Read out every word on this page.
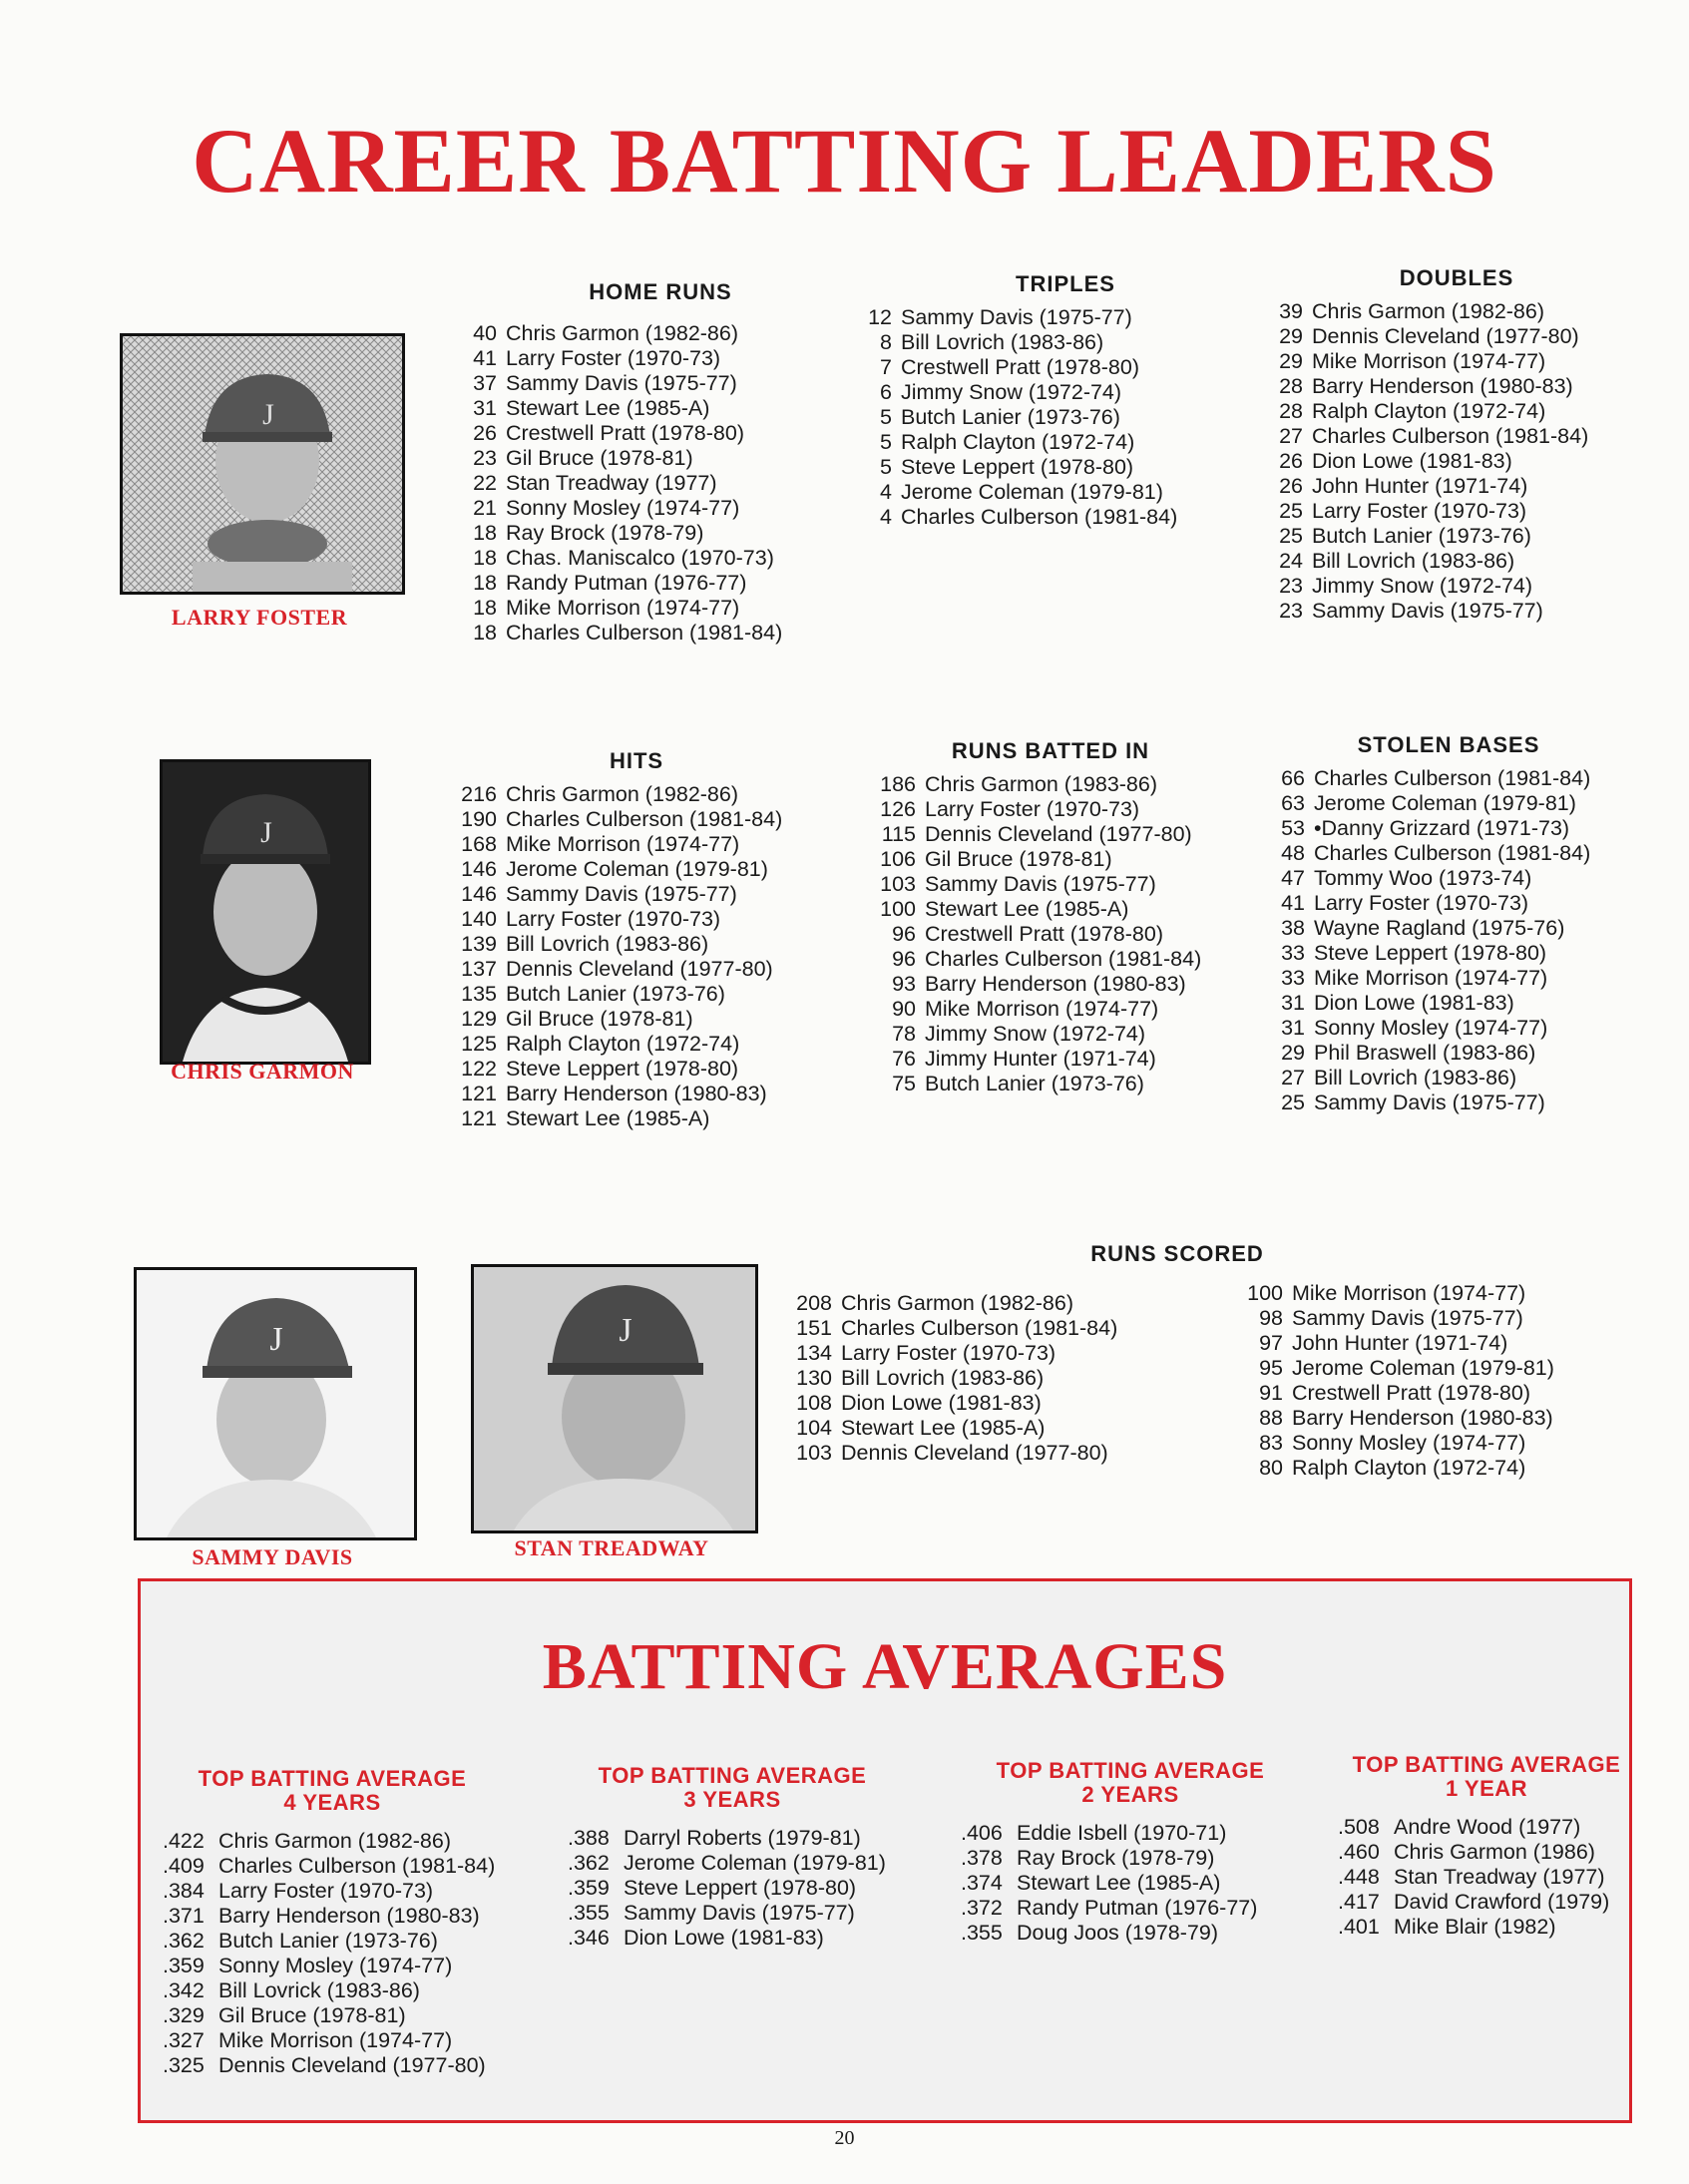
CAREER BATTING LEADERS
J
LARRY FOSTER
J
CHRIS GARMON
J
SAMMY DAVIS
J
STAN TREADWAY
HOME RUNS
40 Chris Garmon (1982-86)
41 Larry Foster (1970-73)
37 Sammy Davis (1975-77)
31 Stewart Lee (1985-A)
26 Crestwell Pratt (1978-80)
23 Gil Bruce (1978-81)
22 Stan Treadway (1977)
21 Sonny Mosley (1974-77)
18 Ray Brock (1978-79)
18 Chas. Maniscalco (1970-73)
18 Randy Putman (1976-77)
18 Mike Morrison (1974-77)
18 Charles Culberson (1981-84)
TRIPLES
12 Sammy Davis (1975-77)
8 Bill Lovrich (1983-86)
7 Crestwell Pratt (1978-80)
6 Jimmy Snow (1972-74)
5 Butch Lanier (1973-76)
5 Ralph Clayton (1972-74)
5 Steve Leppert (1978-80)
4 Jerome Coleman (1979-81)
4 Charles Culberson (1981-84)
DOUBLES
39 Chris Garmon (1982-86)
29 Dennis Cleveland (1977-80)
29 Mike Morrison (1974-77)
28 Barry Henderson (1980-83)
28 Ralph Clayton (1972-74)
27 Charles Culberson (1981-84)
26 Dion Lowe (1981-83)
26 John Hunter (1971-74)
25 Larry Foster (1970-73)
25 Butch Lanier (1973-76)
24 Bill Lovrich (1983-86)
23 Jimmy Snow (1972-74)
23 Sammy Davis (1975-77)
HITS
216 Chris Garmon (1982-86)
190 Charles Culberson (1981-84)
168 Mike Morrison (1974-77)
146 Jerome Coleman (1979-81)
146 Sammy Davis (1975-77)
140 Larry Foster (1970-73)
139 Bill Lovrich (1983-86)
137 Dennis Cleveland (1977-80)
135 Butch Lanier (1973-76)
129 Gil Bruce (1978-81)
125 Ralph Clayton (1972-74)
122 Steve Leppert (1978-80)
121 Barry Henderson (1980-83)
121 Stewart Lee (1985-A)
RUNS BATTED IN
186 Chris Garmon (1983-86)
126 Larry Foster (1970-73)
115 Dennis Cleveland (1977-80)
106 Gil Bruce (1978-81)
103 Sammy Davis (1975-77)
100 Stewart Lee (1985-A)
96 Crestwell Pratt (1978-80)
96 Charles Culberson (1981-84)
93 Barry Henderson (1980-83)
90 Mike Morrison (1974-77)
78 Jimmy Snow (1972-74)
76 Jimmy Hunter (1971-74)
75 Butch Lanier (1973-76)
STOLEN BASES
66 Charles Culberson (1981-84)
63 Jerome Coleman (1979-81)
53 •Danny Grizzard (1971-73)
48 Charles Culberson (1981-84)
47 Tommy Woo (1973-74)
41 Larry Foster (1970-73)
38 Wayne Ragland (1975-76)
33 Steve Leppert (1978-80)
33 Mike Morrison (1974-77)
31 Dion Lowe (1981-83)
31 Sonny Mosley (1974-77)
29 Phil Braswell (1983-86)
27 Bill Lovrich (1983-86)
25 Sammy Davis (1975-77)
RUNS SCORED
208 Chris Garmon (1982-86)
151 Charles Culberson (1981-84)
134 Larry Foster (1970-73)
130 Bill Lovrich (1983-86)
108 Dion Lowe (1981-83)
104 Stewart Lee (1985-A)
103 Dennis Cleveland (1977-80)
100 Mike Morrison (1974-77)
98 Sammy Davis (1975-77)
97 John Hunter (1971-74)
95 Jerome Coleman (1979-81)
91 Crestwell Pratt (1978-80)
88 Barry Henderson (1980-83)
83 Sonny Mosley (1974-77)
80 Ralph Clayton (1972-74)
BATTING AVERAGES
TOP BATTING AVERAGE
4 YEARS
.422 Chris Garmon (1982-86)
.409 Charles Culberson (1981-84)
.384 Larry Foster (1970-73)
.371 Barry Henderson (1980-83)
.362 Butch Lanier (1973-76)
.359 Sonny Mosley (1974-77)
.342 Bill Lovrick (1983-86)
.329 Gil Bruce (1978-81)
.327 Mike Morrison (1974-77)
.325 Dennis Cleveland (1977-80)
TOP BATTING AVERAGE
3 YEARS
.388 Darryl Roberts (1979-81)
.362 Jerome Coleman (1979-81)
.359 Steve Leppert (1978-80)
.355 Sammy Davis (1975-77)
.346 Dion Lowe (1981-83)
TOP BATTING AVERAGE
2 YEARS
.406 Eddie Isbell (1970-71)
.378 Ray Brock (1978-79)
.374 Stewart Lee (1985-A)
.372 Randy Putman (1976-77)
.355 Doug Joos (1978-79)
TOP BATTING AVERAGE
1 YEAR
.508 Andre Wood (1977)
.460 Chris Garmon (1986)
.448 Stan Treadway (1977)
.417 David Crawford (1979)
.401 Mike Blair (1982)
20
